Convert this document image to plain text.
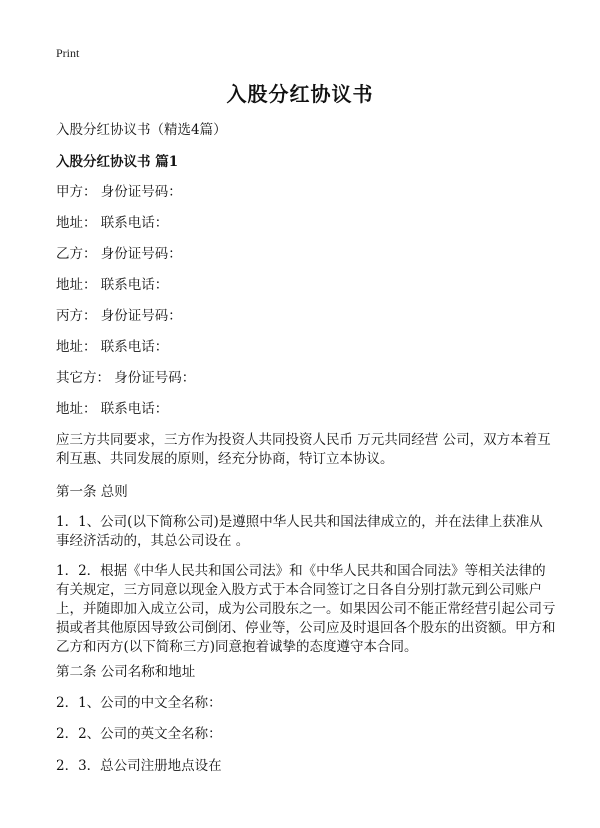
Print
入股分红协议书
入股分红协议书（精选4篇）
入股分红协议书 篇1
甲方： 身份证号码：
地址： 联系电话：
乙方： 身份证号码：
地址： 联系电话：
丙方： 身份证号码：
地址： 联系电话：
其它方： 身份证号码：
地址： 联系电话：
应三方共同要求，三方作为投资人共同投资人民币 万元共同经营 公司，双方本着互利互惠、共同发展的原则，经充分协商，特订立本协议。
第一条 总则
1．1、公司(以下简称公司)是遵照中华人民共和国法律成立的，并在法律上获准从事经济活动的，其总公司设在 。
1．2．根据《中华人民共和国公司法》和《中华人民共和国合同法》等相关法律的有关规定，三方同意以现金入股方式于本合同签订之日各自分别打款元到公司账户上，并随即加入成立公司，成为公司股东之一。如果因公司不能正常经营引起公司亏损或者其他原因导致公司倒闭、停业等，公司应及时退回各个股东的出资额。甲方和乙方和丙方(以下简称三方)同意抱着诚挚的态度遵守本合同。
第二条 公司名称和地址
2．1、公司的中文全名称：
2．2、公司的英文全名称：
2．3．总公司注册地点设在
